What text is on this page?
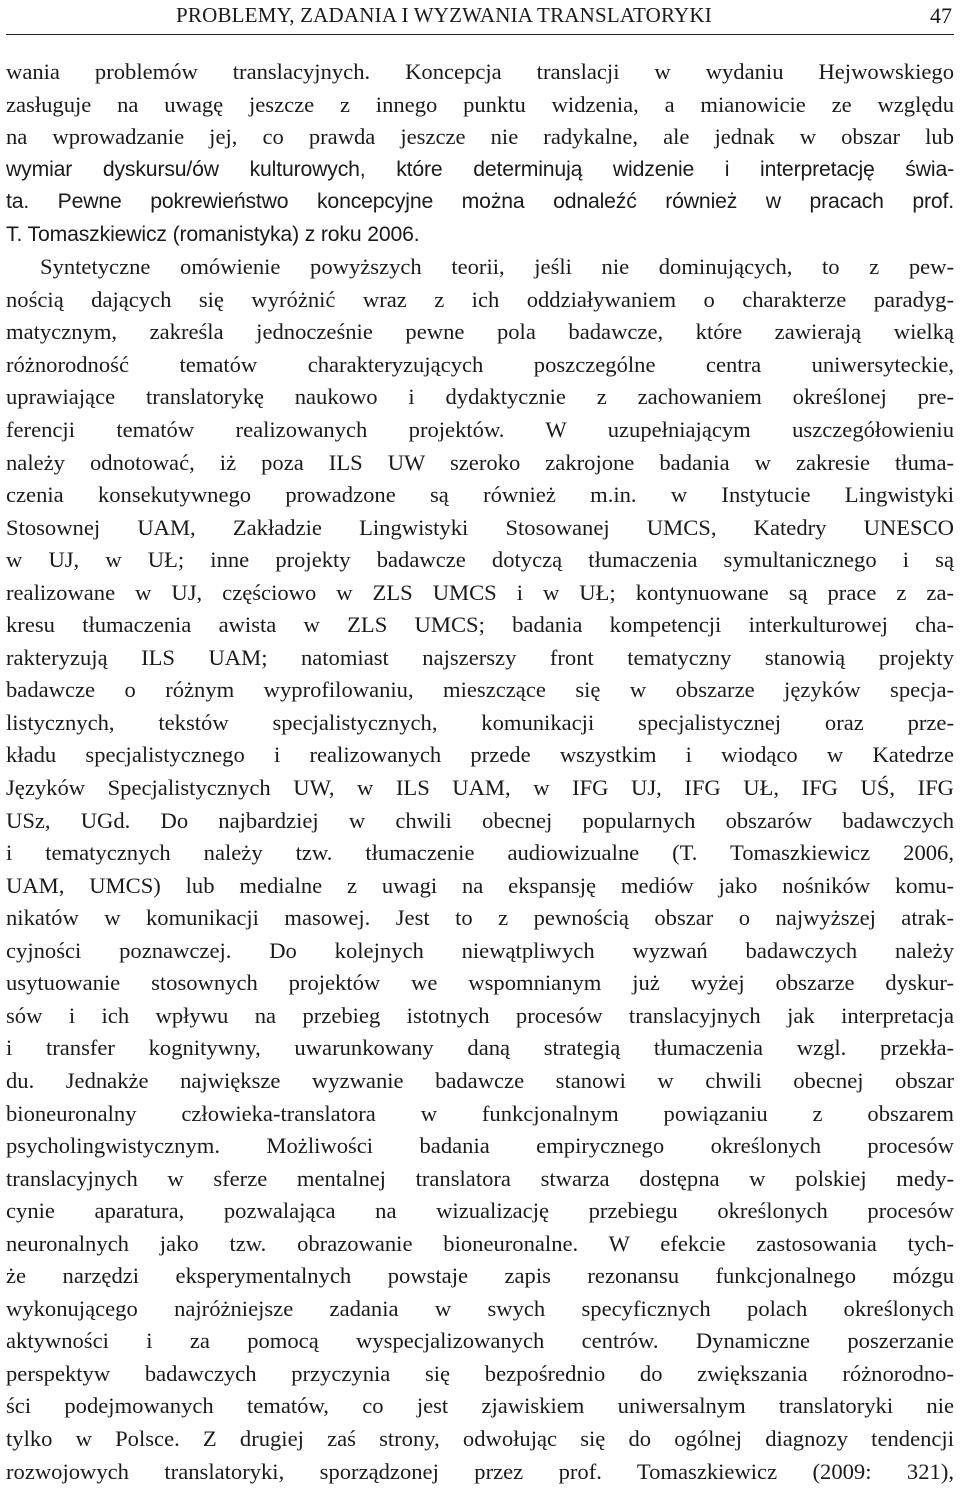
PROBLEMY, ZADANIA I WYZWANIA TRANSLATORYKI	47
wania problemów translacyjnych. Koncepcja translacji w wydaniu Hejwowskiego
zasługuje na uwagę jeszcze z innego punktu widzenia, a mianowicie ze względu
na wprowadzanie jej, co prawda jeszcze nie radykalne, ale jednak w obszar lub
wymiar dyskursu/ów kulturowych, które determinują widzenie i interpretację świa-
ta. Pewne pokrewieństwo koncepcyjne można odnaleźć również w pracach prof.
T. Tomaszkiewicz (romanistyka) z roku 2006.
Syntetyczne omówienie powyższych teorii, jeśli nie dominujących, to z pew-
nością dających się wyróżnić wraz z ich oddziaływaniem o charakterze paradyg-
matycznym, zakreśla jednocześnie pewne pola badawcze, które zawierają wielką
różnorodność tematów charakteryzujących poszczególne centra uniwersyteckie,
uprawiające translatorykę naukowo i dydaktycznie z zachowaniem określonej pre-
ferencji tematów realizowanych projektów. W uzupełniającym uszczegółowieniu
należy odnotować, iż poza ILS UW szeroko zakrojone badania w zakresie tłuma-
czenia konsekutywnego prowadzone są również m.in. w Instytucie Lingwistyki
Stosownej UAM, Zakładzie Lingwistyki Stosowanej UMCS, Katedry UNESCO
w UJ, w UŁ; inne projekty badawcze dotyczą tłumaczenia symultanicznego i są
realizowane w UJ, częściowo w ZLS UMCS i w UŁ; kontynuowane są prace z za-
kresu tłumaczenia awista w ZLS UMCS; badania kompetencji interkulturowej cha-
rakteryzują ILS UAM; natomiast najszerszy front tematyczny stanowią projekty
badawcze o różnym wyprofilowaniu, mieszczące się w obszarze języków specja-
listycznych, tekstów specjalistycznych, komunikacji specjalistycznej oraz prze-
kładu specjalistycznego i realizowanych przede wszystkim i wiodąco w Katedrze
Języków Specjalistycznych UW, w ILS UAM, w IFG UJ, IFG UŁ, IFG UŚ, IFG
USz, UGd. Do najbardziej w chwili obecnej popularnych obszarów badawczych
i tematycznych należy tzw. tłumaczenie audiowizualne (T. Tomaszkiewicz 2006,
UAM, UMCS) lub medialne z uwagi na ekspansję mediów jako nośników komu-
nikatów w komunikacji masowej. Jest to z pewnością obszar o najwyższej atrak-
cyjności poznawczej. Do kolejnych niewątpliwych wyzwań badawczych należy
usytuowanie stosownych projektów we wspomnianym już wyżej obszarze dyskur-
sów i ich wpływu na przebieg istotnych procesów translacyjnych jak interpretacja
i transfer kognitywny, uwarunkowany daną strategią tłumaczenia wzgl. przekła-
du. Jednakże największe wyzwanie badawcze stanowi w chwili obecnej obszar
bioneuronalny człowieka-translatora w funkcjonalnym powiązaniu z obszarem
psycholingwistycznym. Możliwości badania empirycznego określonych procesów
translacyjnych w sferze mentalnej translatora stwarza dostępna w polskiej medy-
cynie aparatura, pozwalająca na wizualizację przebiegu określonych procesów
neuronalnych jako tzw. obrazowanie bioneuronalne. W efekcie zastosowania tych-
że narzędzi eksperymentalnych powstaje zapis rezonansu funkcjonalnego mózgu
wykonującego najróżniejsze zadania w swych specyficznych polach określonych
aktywności i za pomocą wyspecjalizowanych centrów. Dynamiczne poszerzanie
perspektyw badawczych przyczynia się bezpośrednio do zwiększania różnorodno-
ści podejmowanych tematów, co jest zjawiskiem uniwersalnym translatoryki nie
tylko w Polsce. Z drugiej zaś strony, odwołując się do ogólnej diagnozy tendencji
rozwojowych translatoryki, sporządzonej przez prof. Tomaszkiewicz (2009: 321),
